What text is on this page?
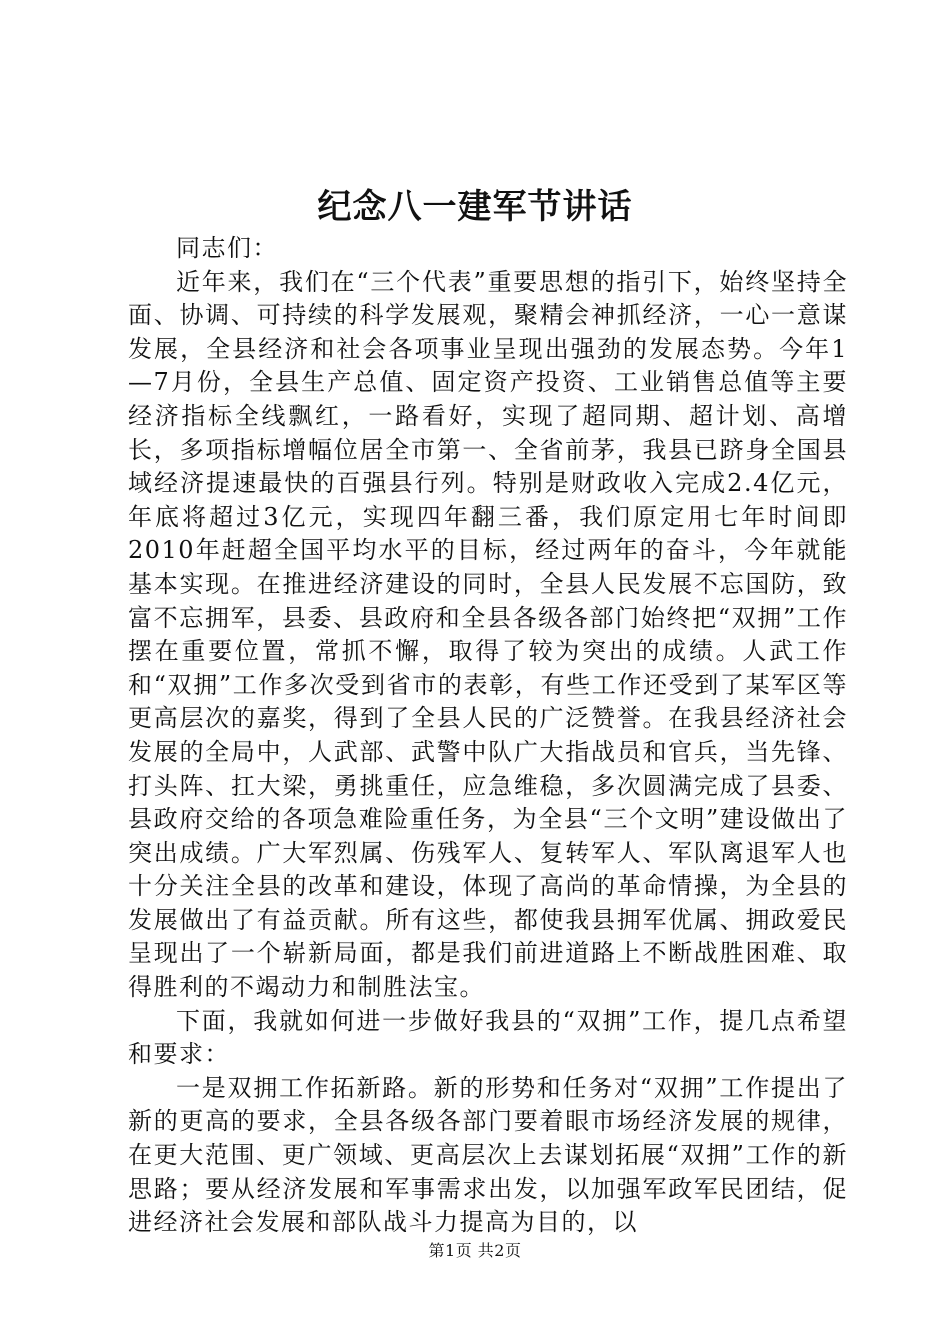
纪念八一建军节讲话

同志们：

近年来，我们在“三个代表”重要思想的指引下，始终坚持全面、协调、可持续的科学发展观，聚精会神抓经济，一心一意谋发展，全县经济和社会各项事业呈现出强劲的发展态势。今年1—7月份，全县生产总值、固定资产投资、工业销售总值等主要经济指标全线飘红，一路看好，实现了超同期、超计划、高增长，多项指标增幅位居全市第一、全省前茅，我县已跻身全国县域经济提速最快的百强县行列。特别是财政收入完成2.4亿元，年底将超过3亿元，实现四年翻三番，我们原定用七年时间即2010年赶超全国平均水平的目标，经过两年的奋斗，今年就能基本实现。在推进经济建设的同时，全县人民发展不忘国防，致富不忘拥军，县委、县政府和全县各级各部门始终把“双拥”工作摆在重要位置，常抓不懈，取得了较为突出的成绩。人武工作和“双拥”工作多次受到省市的表彰，有些工作还受到了某军区等更高层次的嘉奖，得到了全县人民的广泛赞誉。在我县经济社会发展的全局中，人武部、武警中队广大指战员和官兵，当先锋、打头阵、扛大梁，勇挑重任，应急维稳，多次圆满完成了县委、县政府交给的各项急难险重任务，为全县“三个文明”建设做出了突出成绩。广大军烈属、伤残军人、复转军人、军队离退军人也十分关注全县的改革和建设，体现了高尚的革命情操，为全县的发展做出了有益贡献。所有这些，都使我县拥军优属、拥政爱民呈现出了一个崭新局面，都是我们前进道路上不断战胜困难、取得胜利的不竭动力和制胜法宝。

下面，我就如何进一步做好我县的“双拥”工作，提几点希望和要求：

一是双拥工作拓新路。新的形势和任务对“双拥”工作提出了新的更高的要求，全县各级各部门要着眼市场经济发展的规律，在更大范围、更广领域、更高层次上去谋划拓展“双拥”工作的新思路；要从经济发展和军事需求出发，以加强军政军民团结，促进经济社会发展和部队战斗力提高为目的，以

第1页 共2页
